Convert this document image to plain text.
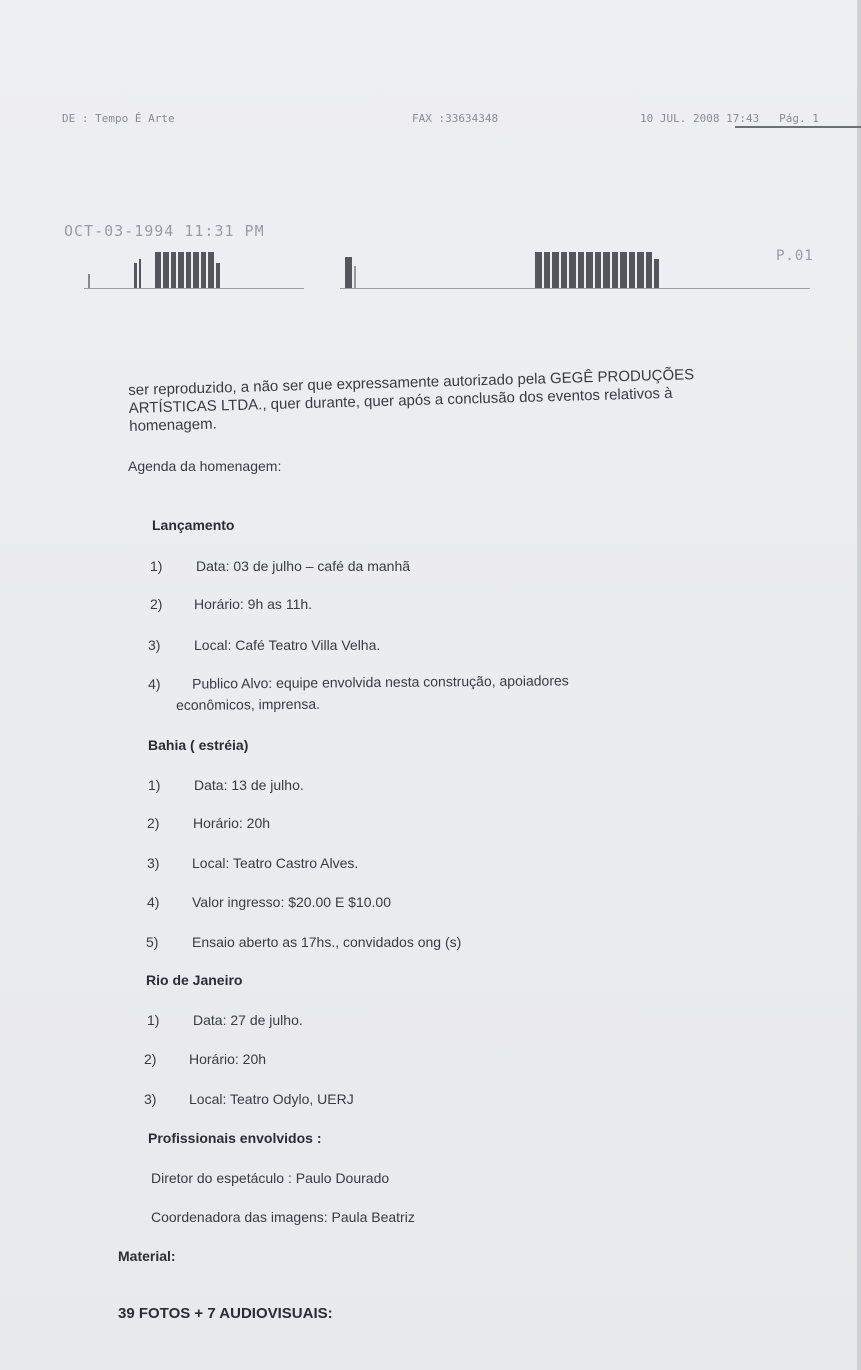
DE : Tempo É Arte	FAX :33634348	10 JUL. 2008 17:43 Pág. 1
OCT-03-1994 11:31 PM
P.01
ser reproduzido, a não ser que expressamente autorizado pela GEGÊ PRODUÇÕES ARTÍSTICAS LTDA., quer durante, quer após a conclusão dos eventos relativos à homenagem.
Agenda da homenagem:
Lançamento
1) Data: 03 de julho – café da manhã
2) Horário: 9h as 11h.
3) Local: Café Teatro Villa Velha.
4) Publico Alvo: equipe envolvida nesta construção, apoiadores
econômicos, imprensa.
Bahia ( estréia)
1) Data: 13 de julho.
2) Horário: 20h
3) Local: Teatro Castro Alves.
4) Valor ingresso: $20.00 E $10.00
5) Ensaio aberto as 17hs., convidados ong (s)
Rio de Janeiro
1) Data: 27 de julho.
2) Horário: 20h
3) Local: Teatro Odylo, UERJ
Profissionais envolvidos :
Diretor do espetáculo : Paulo Dourado
Coordenadora das imagens: Paula Beatriz
Material:
39 FOTOS + 7 AUDIOVISUAIS:
